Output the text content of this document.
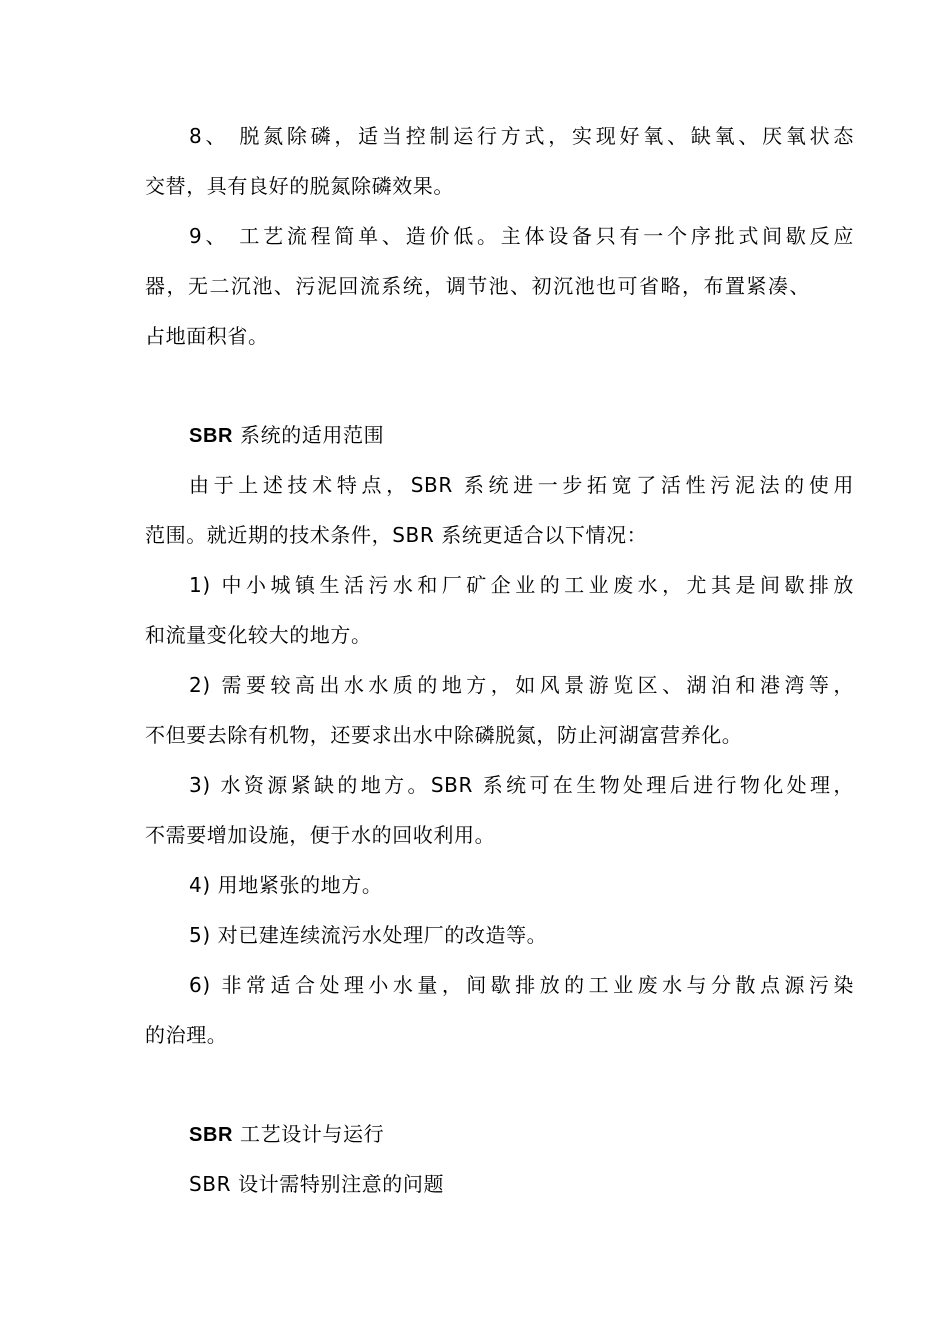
8、 脱氮除磷，适当控制运行方式，实现好氧、缺氧、厌氧状态
交替，具有良好的脱氮除磷效果。
9、 工艺流程简单、造价低。主体设备只有一个序批式间歇反应
器，无二沉池、污泥回流系统，调节池、初沉池也可省略，布置紧凑、
占地面积省。
SBR 系统的适用范围
由于上述技术特点，SBR 系统进一步拓宽了活性污泥法的使用
范围。就近期的技术条件，SBR 系统更适合以下情况：
1) 中小城镇生活污水和厂矿企业的工业废水，尤其是间歇排放
和流量变化较大的地方。
2) 需要较高出水水质的地方，如风景游览区、湖泊和港湾等，
不但要去除有机物，还要求出水中除磷脱氮，防止河湖富营养化。
3) 水资源紧缺的地方。SBR 系统可在生物处理后进行物化处理，
不需要增加设施，便于水的回收利用。
4) 用地紧张的地方。
5) 对已建连续流污水处理厂的改造等。
6) 非常适合处理小水量，间歇排放的工业废水与分散点源污染
的治理。
SBR 工艺设计与运行
SBR 设计需特别注意的问题
